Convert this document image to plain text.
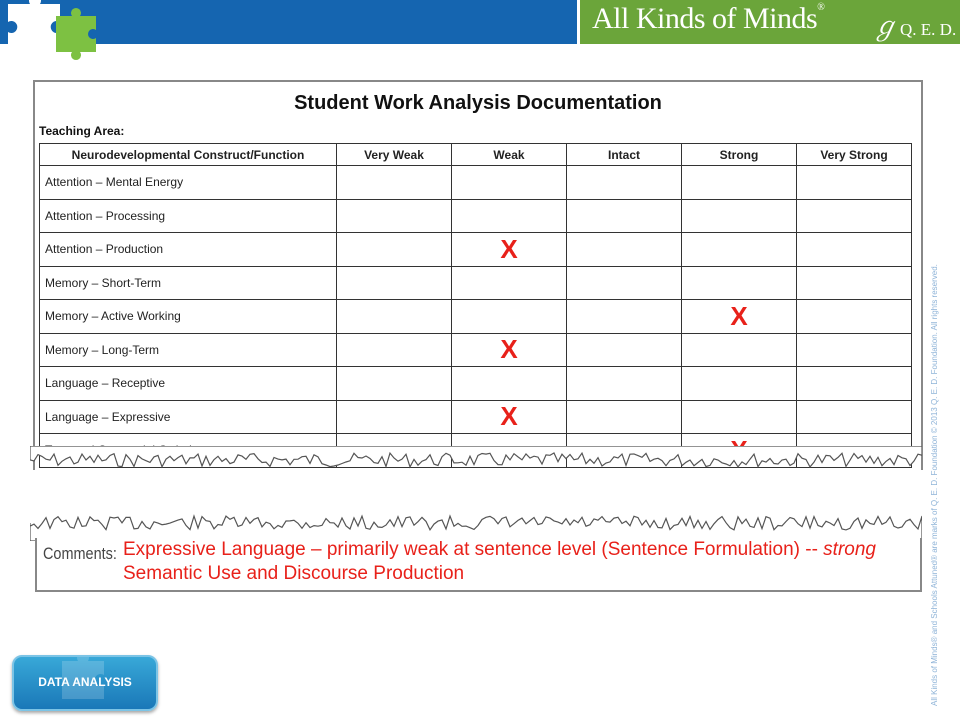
All Kinds of Minds®
ℊ Q. E. D.
Student Work Analysis Documentation
Teaching Area:
Neurodevelopmental Construct/Function	Very Weak	Weak	Intact	Strong	Very Strong
Attention – Mental Energy					
Attention – Processing					
Attention – Production		X			
Memory – Short-Term					
Memory – Active Working				X	
Memory – Long-Term		X			
Language – Receptive					
Language – Expressive		X			

Comments: Expressive Language – primarily weak at sentence level (Sentence Formulation) -- strong Semantic Use and Discourse Production	All Kinds of Minds® and Schools Attuned® are marks of Q. E. D. Foundation © 2013 Q. E. D. Foundation. All rights reserved.
DATA ANALYSIS
